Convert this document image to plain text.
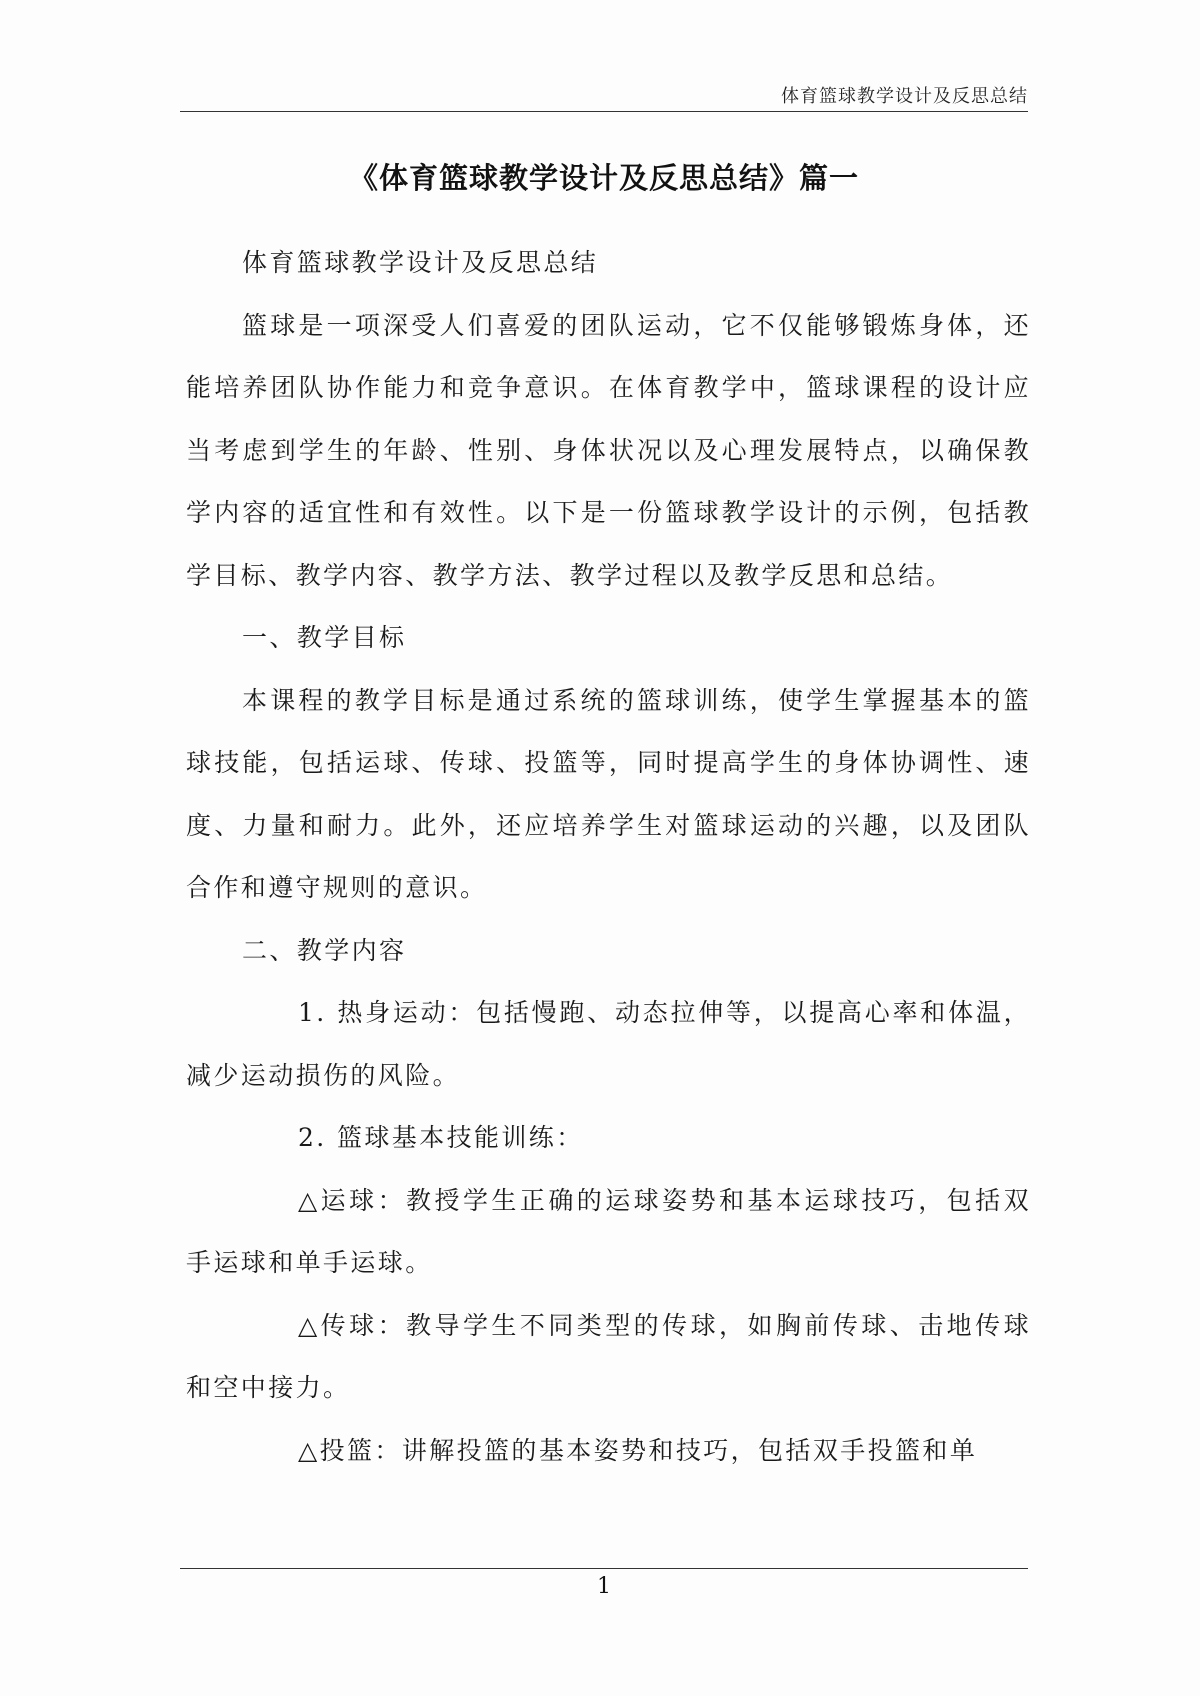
体育篮球教学设计及反思总结
《体育篮球教学设计及反思总结》篇一

体育篮球教学设计及反思总结

篮球是一项深受人们喜爱的团队运动，它不仅能够锻炼身体，还能培养团队协作能力和竞争意识。在体育教学中，篮球课程的设计应当考虑到学生的年龄、性别、身体状况以及心理发展特点，以确保教学内容的适宜性和有效性。以下是一份篮球教学设计的示例，包括教学目标、教学内容、教学方法、教学过程以及教学反思和总结。

一、教学目标

本课程的教学目标是通过系统的篮球训练，使学生掌握基本的篮球技能，包括运球、传球、投篮等，同时提高学生的身体协调性、速度、力量和耐力。此外，还应培养学生对篮球运动的兴趣，以及团队合作和遵守规则的意识。

二、教学内容

1. 热身运动：包括慢跑、动态拉伸等，以提高心率和体温，减少运动损伤的风险。

2. 篮球基本技能训练：

△运球：教授学生正确的运球姿势和基本运球技巧，包括双手运球和单手运球。

△传球：教导学生不同类型的传球，如胸前传球、击地传球和空中接力。

△投篮：讲解投篮的基本姿势和技巧，包括双手投篮和单

1
